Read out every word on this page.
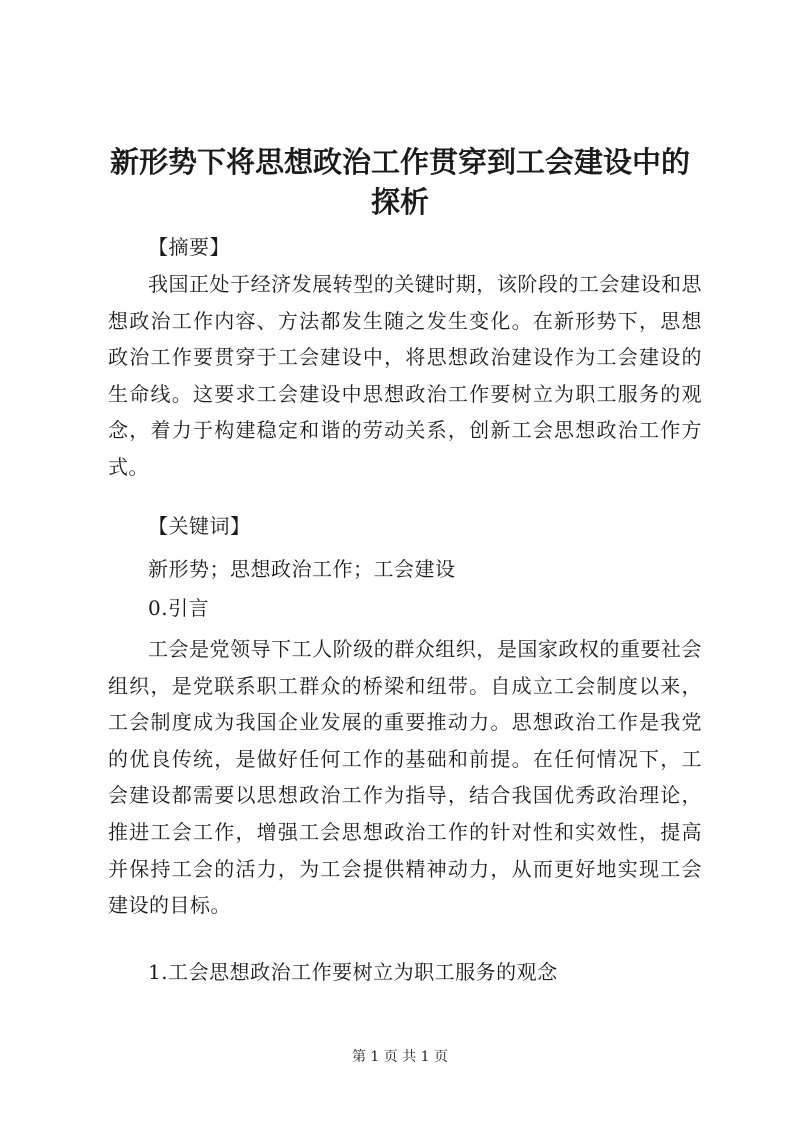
新形势下将思想政治工作贯穿到工会建设中的
探析
【摘要】

我国正处于经济发展转型的关键时期，该阶段的工会建设和思想政治工作内容、方法都发生随之发生变化。在新形势下，思想政治工作要贯穿于工会建设中，将思想政治建设作为工会建设的生命线。这要求工会建设中思想政治工作要树立为职工服务的观念，着力于构建稳定和谐的劳动关系，创新工会思想政治工作方式。

【关键词】
新形势；思想政治工作；工会建设
0.引言

工会是党领导下工人阶级的群众组织，是国家政权的重要社会组织，是党联系职工群众的桥梁和纽带。自成立工会制度以来，工会制度成为我国企业发展的重要推动力。思想政治工作是我党的优良传统，是做好任何工作的基础和前提。在任何情况下，工会建设都需要以思想政治工作为指导，结合我国优秀政治理论，推进工会工作，增强工会思想政治工作的针对性和实效性，提高并保持工会的活力，为工会提供精神动力，从而更好地实现工会建设的目标。

1.工会思想政治工作要树立为职工服务的观念
第 1 页 共 1 页
